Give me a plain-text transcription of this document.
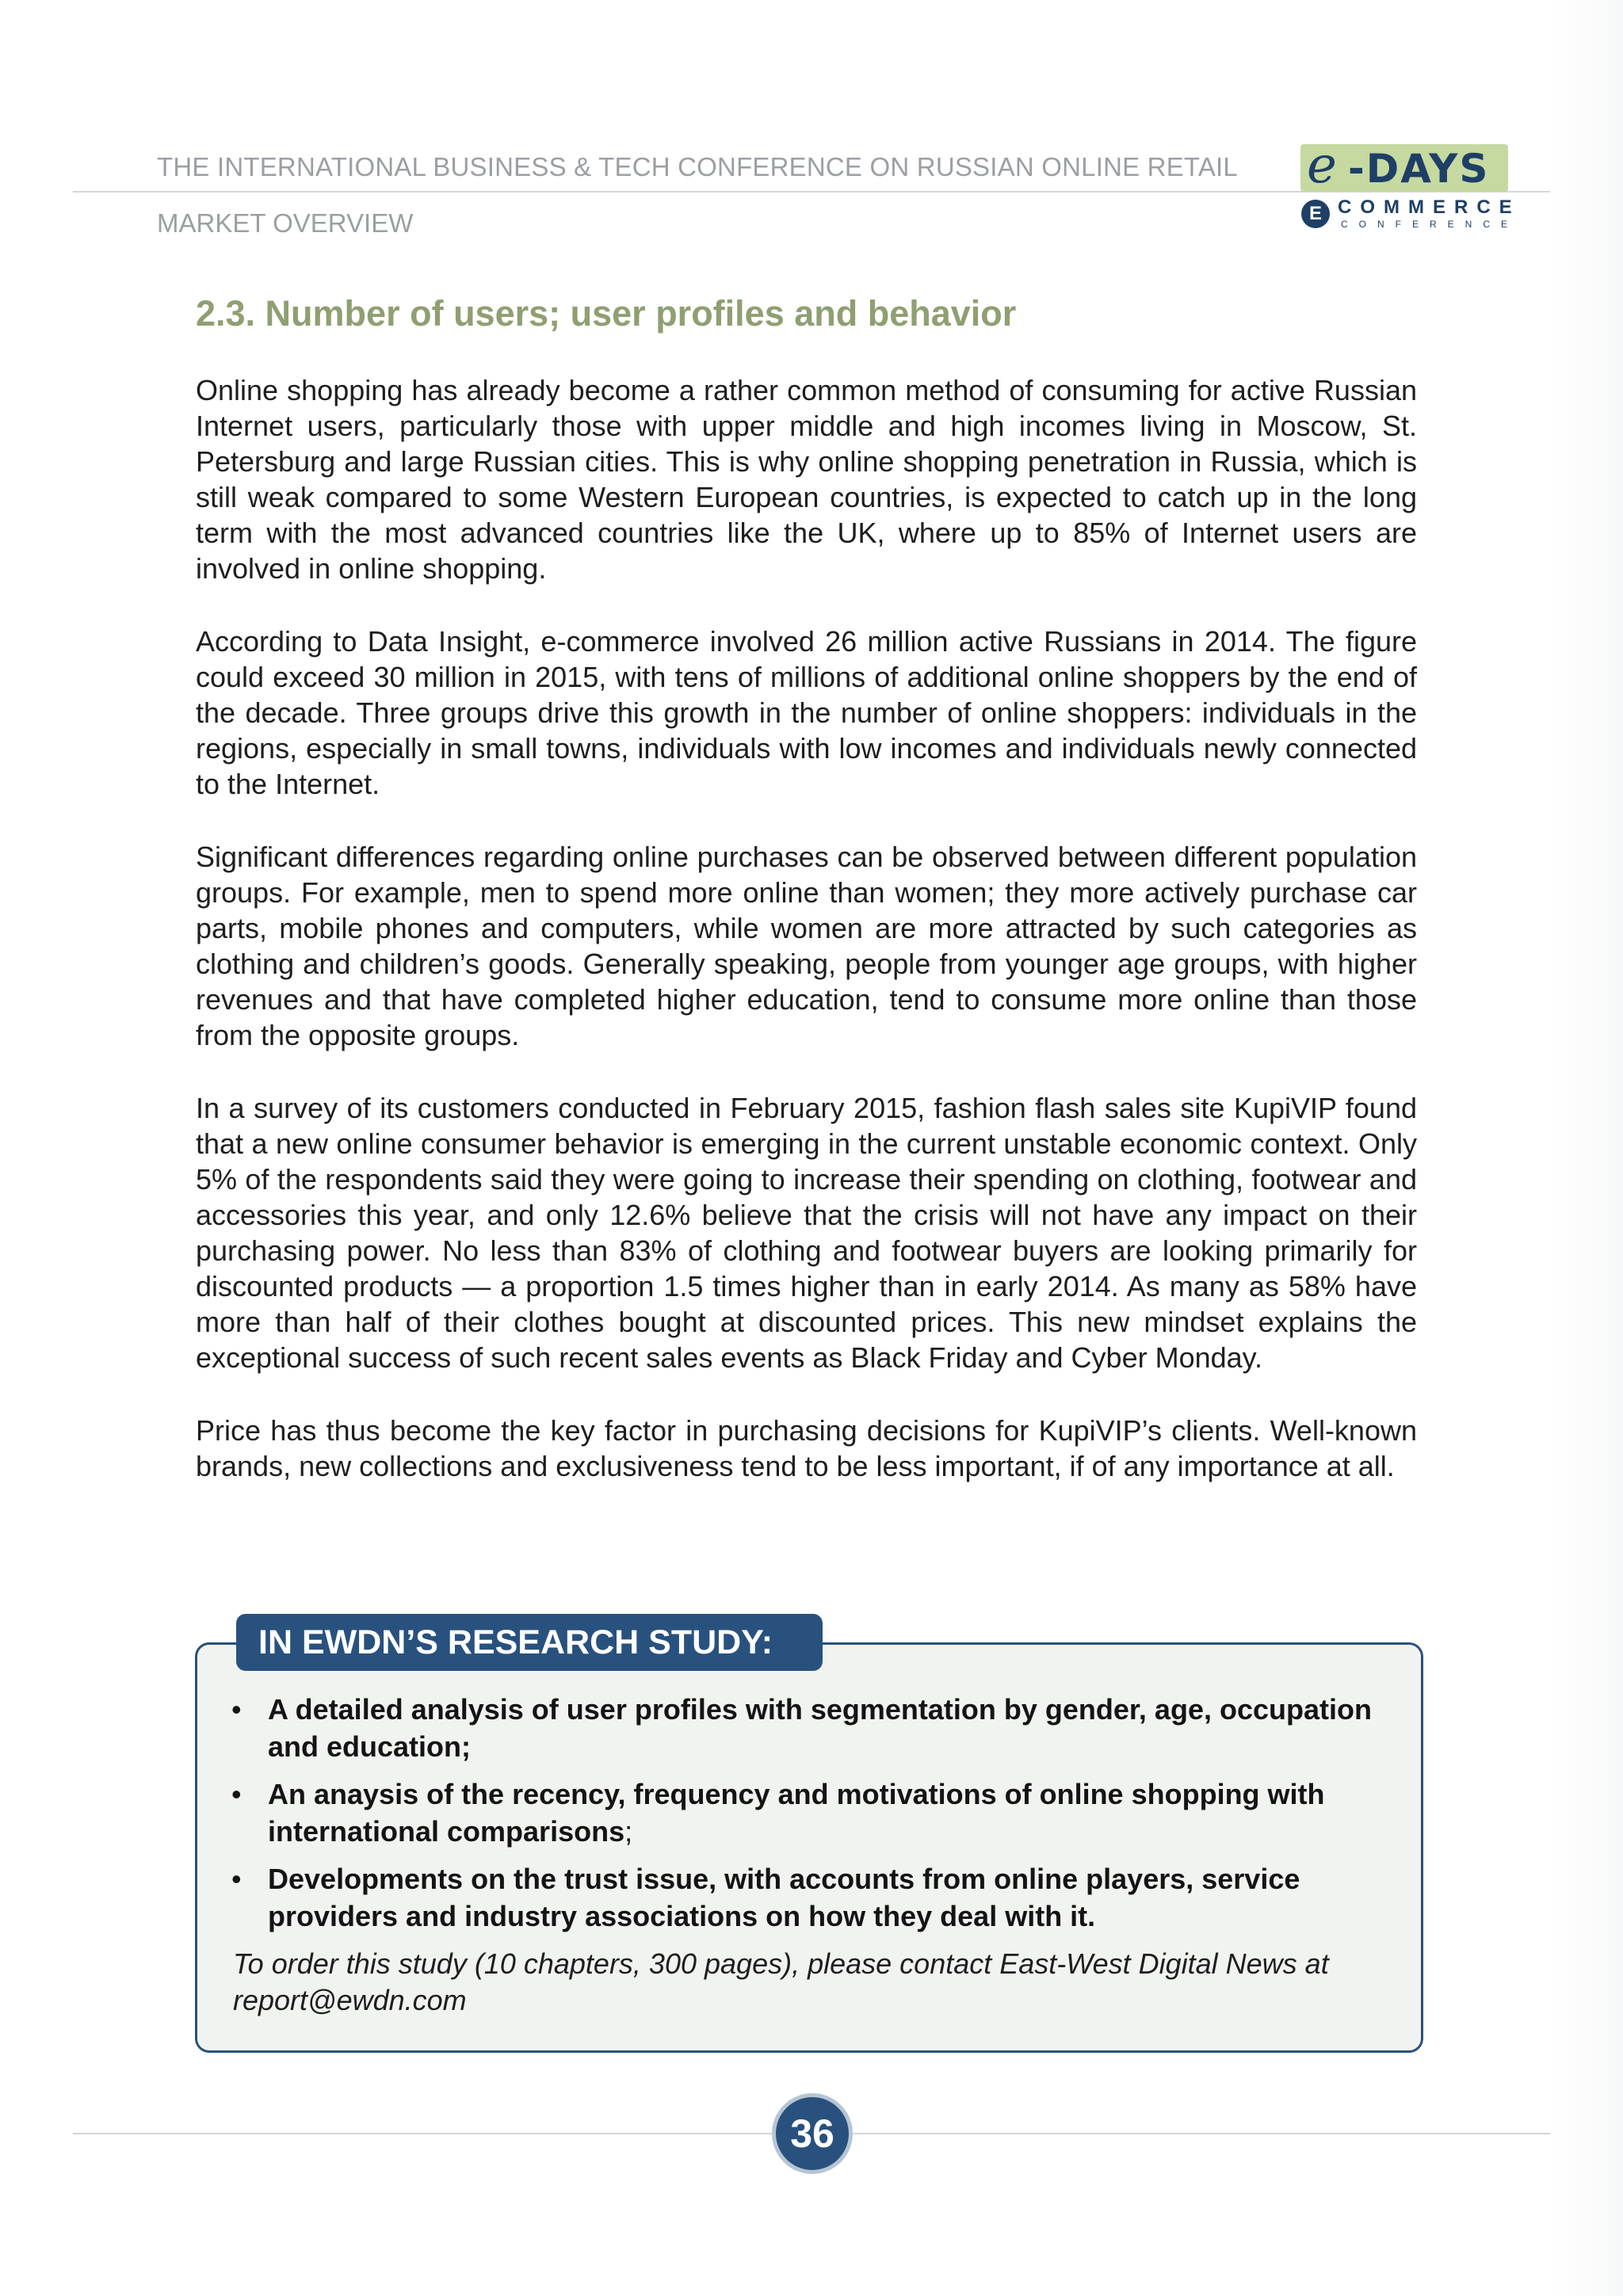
THE INTERNATIONAL BUSINESS & TECH CONFERENCE ON RUSSIAN ONLINE RETAIL
MARKET OVERVIEW
e -DAYS
E COMMERCE
CONFERENCE
2.3. Number of users; user profiles and behavior

Online shopping has already become a rather common method of consuming for active Russian Internet users, particularly those with upper middle and high incomes living in Moscow, St. Petersburg and large Russian cities. This is why online shopping penetration in Russia, which is still weak compared to some Western European countries, is expected to catch up in the long term with the most advanced countries like the UK, where up to 85% of Internet users are involved in online shopping.

According to Data Insight, e-commerce involved 26 million active Russians in 2014. The figure could exceed 30 million in 2015, with tens of millions of additional online shoppers by the end of the decade. Three groups drive this growth in the number of online shoppers: individuals in the regions, especially in small towns, individuals with low incomes and individuals newly connected to the Internet.

Significant differences regarding online purchases can be observed between different population groups. For example, men to spend more online than women; they more actively purchase car parts, mobile phones and computers, while women are more attracted by such categories as clothing and children’s goods. Generally speaking, people from younger age groups, with higher revenues and that have completed higher education, tend to consume more online than those from the opposite groups.

In a survey of its customers conducted in February 2015, fashion flash sales site KupiVIP found that a new online consumer behavior is emerging in the current unstable economic context. Only 5% of the respondents said they were going to increase their spending on clothing, footwear and accessories this year, and only 12.6% believe that the crisis will not have any impact on their purchasing power. No less than 83% of clothing and footwear buyers are looking primarily for discounted products — a proportion 1.5 times higher than in early 2014. As many as 58% have more than half of their clothes bought at discounted prices. This new mindset explains the exceptional success of such recent sales events as Black Friday and Cyber Monday.

Price has thus become the key factor in purchasing decisions for KupiVIP’s clients. Well-known brands, new collections and exclusiveness tend to be less important, if of any importance at all.

IN EWDN’S RESEARCH STUDY:
• A detailed analysis of user profiles with segmentation by gender, age, occupation and education;
• An anaysis of the recency, frequency and motivations of online shopping with international comparisons;
• Developments on the trust issue, with accounts from online players, service providers and industry associations on how they deal with it.
To order this study (10 chapters, 300 pages), please contact East-West Digital News at report@ewdn.com
36
